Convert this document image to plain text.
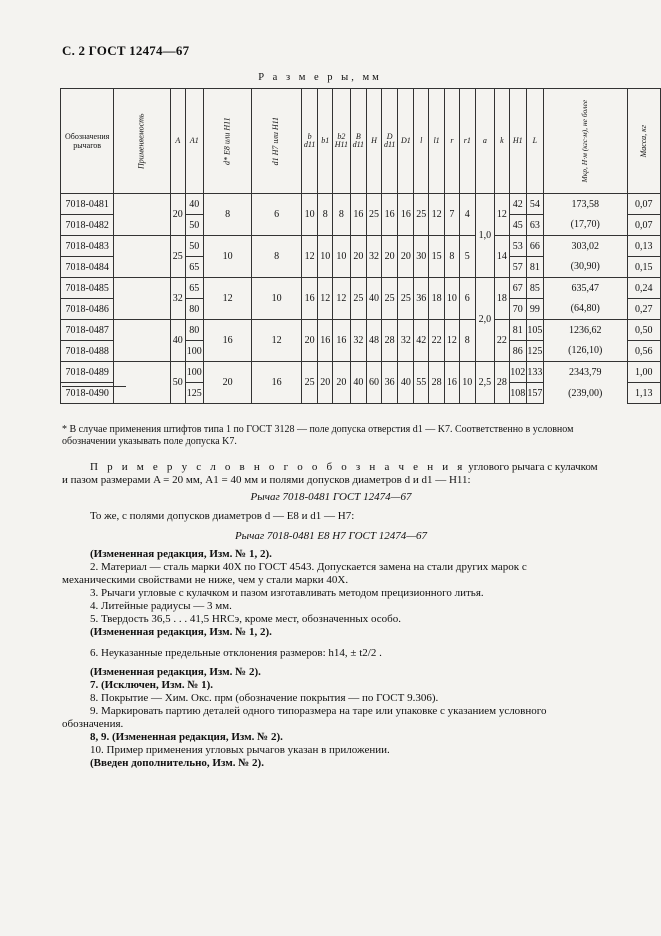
С. 2 ГОСТ 12474—67
Р а з м е р ы, мм
Обозначения рычагов	Применяемость	A	A1	d* E8 или H11	d1 H7 или H11	b d11	b1	b2 H11	B d11	H	D d11	D1	l	l1	r	r1	a	k	H1	L	Mкр, Н·м (кгс·м), не более	Масса, кг
7018-0481		20	40	8	6	10	8	8	16	25	16	16	25	12	7	4	1,0	12	42	54	173,58	0,07
7018-0482			50																45	63	(17,70)	0,07
7018-0483		25	50	10	8	12	10	10	20	32	20	20	30	15	8	5		14	53	66	303,02	0,13
7018-0484			65																57	81	(30,90)	0,15
7018-0485		32	65	12	10	16	12	12	25	40	25	25	36	18	10	6	2,0	18	67	85	635,47	0,24
7018-0486			80																70	99	(64,80)	0,27
7018-0487		40	80	16	12	20	16	16	32	48	28	32	42	22	12	8		22	81	105	1236,62	0,50
7018-0488			100																86	125	(126,10)	0,56
7018-0489		50	100	20	16	25	20	20	40	60	36	40	55	28	16	10	2,5	28	102	133	2343,79	1,00
7018-0490			125																108	157	(239,00)	1,13

* В случае применения штифтов типа 1 по ГОСТ 3128 — поле допуска отверстия d1 — K7. Соответственно в условном обозначении указывать поле допуска K7.

П р и м е р у с л о в н о г о о б о з н а ч е н и я углового рычага с кулачком и пазом размерами A = 20 мм, A1 = 40 мм и полями допусков диаметров d и d1 — H11:

Рычаг 7018-0481 ГОСТ 12474—67

То же, с полями допусков диаметров d — E8 и d1 — H7:

Рычаг 7018-0481 E8 H7 ГОСТ 12474—67

(Измененная редакция, Изм. № 1, 2).

2. Материал — сталь марки 40Х по ГОСТ 4543. Допускается замена на стали других марок с механическими свойствами не ниже, чем у стали марки 40Х.

3. Рычаги угловые с кулачком и пазом изготавливать методом прецизионного литья.

4. Литейные радиусы — 3 мм.

5. Твердость 36,5 . . . 41,5 HRCэ, кроме мест, обозначенных особо.

(Измененная редакция, Изм. № 1, 2).

6. Неуказанные предельные отклонения размеров: h14, ± t2/2 .

(Измененная редакция, Изм. № 2).

7. (Исключен, Изм. № 1).

8. Покрытие — Хим. Окс. прм (обозначение покрытия — по ГОСТ 9.306).

9. Маркировать партию деталей одного типоразмера на таре или упаковке с указанием условного обозначения.

8, 9. (Измененная редакция, Изм. № 2).

10. Пример применения угловых рычагов указан в приложении.

(Введен дополнительно, Изм. № 2).
